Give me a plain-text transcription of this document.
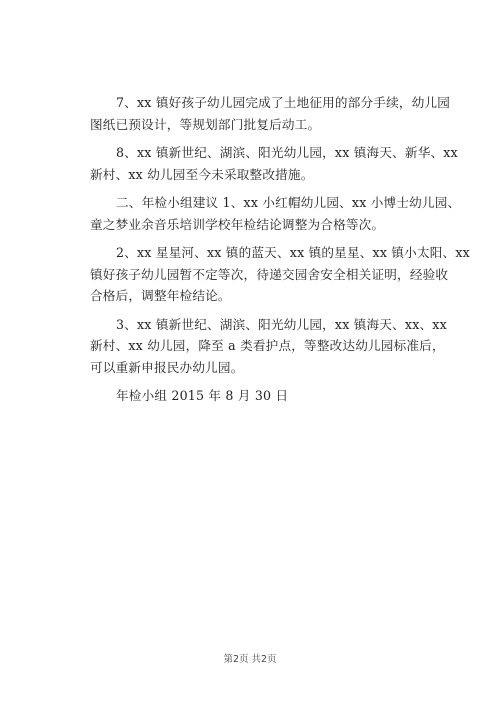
7、xx 镇好孩子幼儿园完成了土地征用的部分手续，幼儿园
图纸已预设计，等规划部门批复后动工。
8、xx 镇新世纪、湖滨、阳光幼儿园，xx 镇海天、新华、xx
新村、xx 幼儿园至今未采取整改措施。
二、年检小组建议 1、xx 小红帽幼儿园、xx 小博士幼儿园、
童之梦业余音乐培训学校年检结论调整为合格等次。
2、xx 星星河、xx 镇的蓝天、xx 镇的星星、xx 镇小太阳、xx
镇好孩子幼儿园暂不定等次，待递交园舍安全相关证明，经验收
合格后，调整年检结论。
3、xx 镇新世纪、湖滨、阳光幼儿园，xx 镇海天、xx、xx
新村、xx 幼儿园，降至 a 类看护点，等整改达幼儿园标准后，
可以重新申报民办幼儿园。
年检小组 2015 年 8 月 30 日
第2页 共2页
